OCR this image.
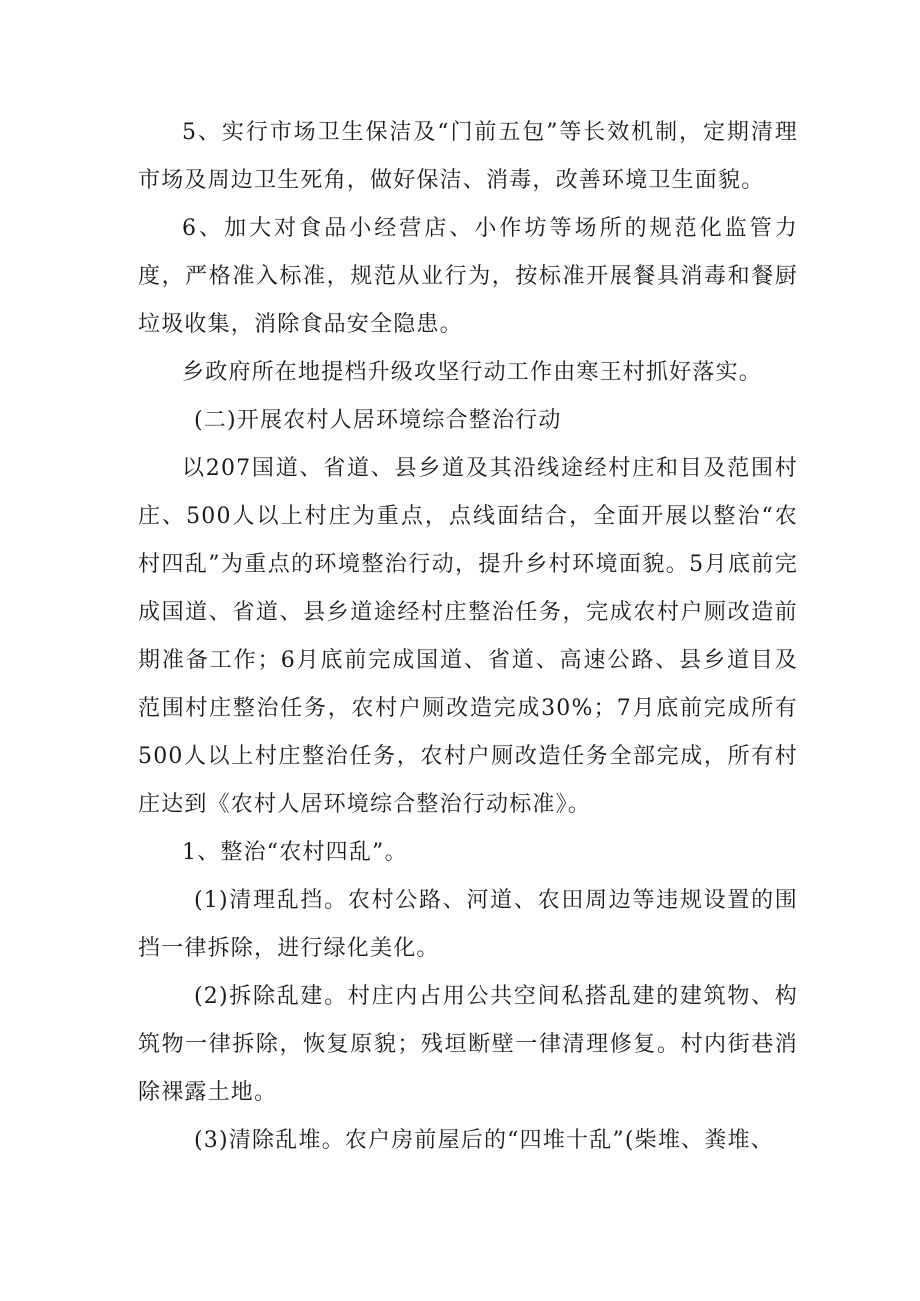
5、实行市场卫生保洁及“门前五包”等长效机制，定期清理市场及周边卫生死角，做好保洁、消毒，改善环境卫生面貌。

6、加大对食品小经营店、小作坊等场所的规范化监管力度，严格准入标准，规范从业行为，按标准开展餐具消毒和餐厨垃圾收集，消除食品安全隐患。

乡政府所在地提档升级攻坚行动工作由寒王村抓好落实。

(二)开展农村人居环境综合整治行动

以207国道、省道、县乡道及其沿线途经村庄和目及范围村庄、500人以上村庄为重点，点线面结合，全面开展以整治“农村四乱”为重点的环境整治行动，提升乡村环境面貌。5月底前完成国道、省道、县乡道途经村庄整治任务，完成农村户厕改造前期准备工作；6月底前完成国道、省道、高速公路、县乡道目及范围村庄整治任务，农村户厕改造完成30%；7月底前完成所有500人以上村庄整治任务，农村户厕改造任务全部完成，所有村庄达到《农村人居环境综合整治行动标准》。

1、整治“农村四乱”。

(1)清理乱挡。农村公路、河道、农田周边等违规设置的围挡一律拆除，进行绿化美化。

(2)拆除乱建。村庄内占用公共空间私搭乱建的建筑物、构筑物一律拆除，恢复原貌；残垣断壁一律清理修复。村内街巷消除裸露土地。

(3)清除乱堆。农户房前屋后的“四堆十乱”(柴堆、粪堆、
